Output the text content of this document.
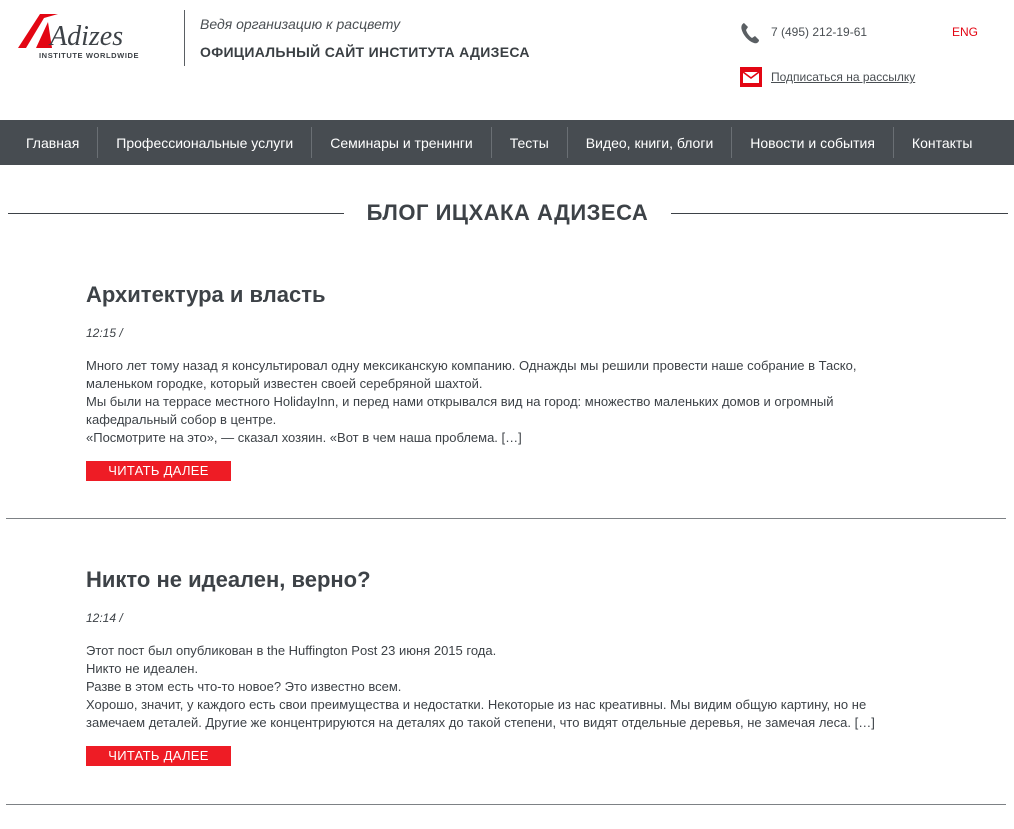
Adizes
INSTITUTE WORLDWIDE
Ведя организацию к расцвету
ОФИЦИАЛЬНЫЙ САЙТ ИНСТИТУТА АДИЗЕСА
7 (495) 212-19-61	ENG
Подписаться на рассылку
Главная	Профессиональные услуги	Семинары и тренинги	Тесты	Видео, книги, блоги	Новости и события	Контакты
БЛОГ ИЦХАКА АДИЗЕСА
Архитектура и власть
12:15 /

Много лет тому назад я консультировал одну мексиканскую компанию. Однажды мы решили провести наше собрание в Таско, маленьком городке, который известен своей серебряной шахтой.

Мы были на террасе местного HolidayInn, и перед нами открывался вид на город: множество маленьких домов и огромный кафедральный собор в центре.

«Посмотрите на это», — сказал хозяин. «Вот в чем наша проблема. […]

ЧИТАТЬ ДАЛЕЕ
Никто не идеален, верно?
12:14 /

Этот пост был опубликован в the Huffington Post 23 июня 2015 года.

Никто не идеален.

Разве в этом есть что-то новое? Это известно всем.

Хорошо, значит, у каждого есть свои преимущества и недостатки. Некоторые из нас креативны. Мы видим общую картину, но не замечаем деталей. Другие же концентрируются на деталях до такой степени, что видят отдельные деревья, не замечая леса. […]

ЧИТАТЬ ДАЛЕЕ
